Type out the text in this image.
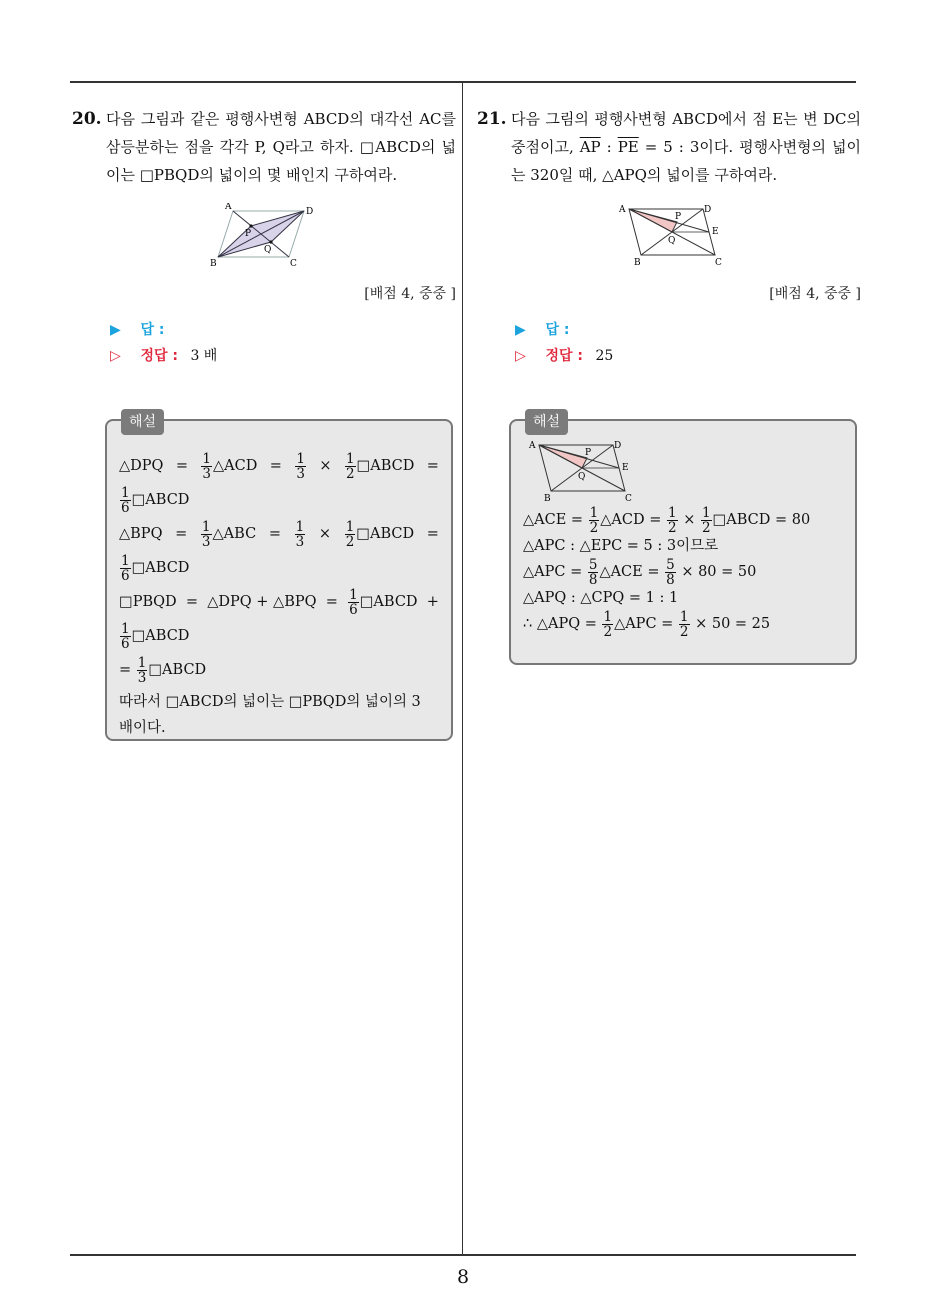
20. 다음 그림과 같은 평행사변형 ABCD의 대각선 AC를 삼등분하는 점을 각각 P, Q라고 하자. □ABCD의 넓이는 □PBQD의 넓이의 몇 배인지 구하여라.
A	D
B	C
P
Q
[배점 4, 중중 ]
▶ 답 :
▷ 정답 : 3 배
해설
△DPQ = $\frac{1}{3}$ △ACD = $\frac{1}{3} \times \frac{1}{2}$ □ABCD =
$\frac{1}{6}$ □ABCD
△BPQ = $\frac{1}{3}$ △ABC = $\frac{1}{3} \times \frac{1}{2}$ □ABCD =
$\frac{1}{6}$ □ABCD
□PBQD = △DPQ + △BPQ = $\frac{1}{6}$ □ABCD +
$\frac{1}{6}$ □ABCD
= $\frac{1}{3}$ □ABCD
따라서 □ABCD의 넓이는 □PBQD의 넓이의 3
배이다.
21. 다음 그림의 평행사변형 ABCD에서 점 E는 변 DC의 중점이고, $\overline{AP}$ : $\overline{PE} = 5$ : 3이다. 평행사변형의 넓이는 320일 때, △APQ의 넓이를 구하여라.
A	D
E
B	C
P
Q
[배점 4, 중중 ]
▶ 답 :
▷ 정답 : 25
해설
A	D
E
B	C
P
Q
△ACE = $\frac{1}{2}$ △ACD = $\frac{1}{2} \times \frac{1}{2}$ □ABCD = 80
△APC : △EPC = 5 : 3이므로
△APC = $\frac{5}{8}$ △ACE = $\frac{5}{8} \times 80 = 50$
△APQ : △CPQ = 1 : 1
∴ △APQ = $\frac{1}{2}$ △APC = $\frac{1}{2} \times 50 = 25$
8
